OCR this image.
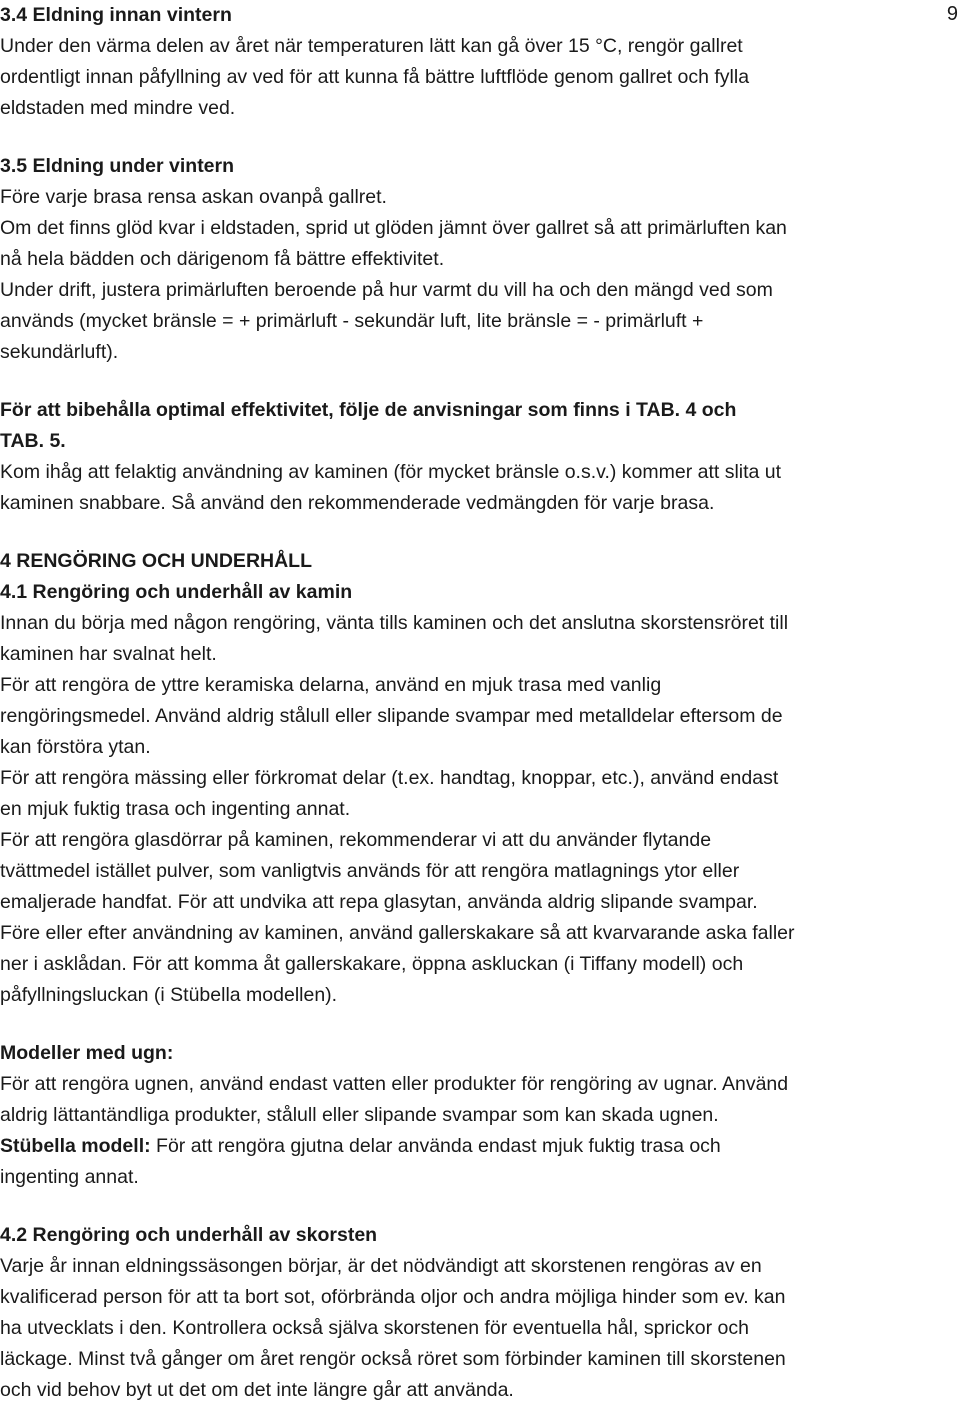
9
3.4 Eldning innan vintern
Under den värma delen av året när temperaturen lätt kan gå över 15 °C, rengör gallret
ordentligt innan påfyllning av ved för att kunna få bättre luftflöde genom gallret och fylla
eldstaden med mindre ved.
3.5 Eldning under vintern
Före varje brasa rensa askan ovanpå gallret.
Om det finns glöd kvar i eldstaden, sprid ut glöden jämnt över gallret så att primärluften kan
nå hela bädden och därigenom få bättre effektivitet.
Under drift, justera primärluften beroende på hur varmt du vill ha och den mängd ved som
används (mycket bränsle = + primärluft - sekundär luft, lite bränsle = - primärluft +
sekundärluft).
För att bibehålla optimal effektivitet, följe de anvisningar som finns i TAB. 4 och
TAB. 5.
Kom ihåg att felaktig användning av kaminen (för mycket bränsle o.s.v.) kommer att slita ut
kaminen snabbare. Så använd den rekommenderade vedmängden för varje brasa.
4 RENGÖRING OCH UNDERHÅLL
4.1 Rengöring och underhåll av kamin
Innan du börja med någon rengöring, vänta tills kaminen och det anslutna skorstensröret till
kaminen har svalnat helt.
För att rengöra de yttre keramiska delarna, använd en mjuk trasa med vanlig
rengöringsmedel. Använd aldrig stålull eller slipande svampar med metalldelar eftersom de
kan förstöra ytan.
För att rengöra mässing eller förkromat delar (t.ex. handtag, knoppar, etc.), använd endast
en mjuk fuktig trasa och ingenting annat.
För att rengöra glasdörrar på kaminen, rekommenderar vi att du använder flytande
tvättmedel istället pulver, som vanligtvis används för att rengöra matlagnings ytor eller
emaljerade handfat. För att undvika att repa glasytan, använda aldrig slipande svampar.
Före eller efter användning av kaminen, använd gallerskakare så att kvarvarande aska faller
ner i asklådan. För att komma åt gallerskakare, öppna askluckan (i Tiffany modell) och
påfyllningsluckan (i Stübella modellen).
Modeller med ugn:
För att rengöra ugnen, använd endast vatten eller produkter för rengöring av ugnar. Använd
aldrig lättantändliga produkter, stålull eller slipande svampar som kan skada ugnen.
Stübella modell: För att rengöra gjutna delar använda endast mjuk fuktig trasa och
ingenting annat.
4.2 Rengöring och underhåll av skorsten
Varje år innan eldningssäsongen börjar, är det nödvändigt att skorstenen rengöras av en
kvalificerad person för att ta bort sot, oförbrända oljor och andra möjliga hinder som ev. kan
ha utvecklats i den. Kontrollera också själva skorstenen för eventuella hål, sprickor och
läckage. Minst två gånger om året rengör också röret som förbinder kaminen till skorstenen
och vid behov byt ut det om det inte längre går att använda.
